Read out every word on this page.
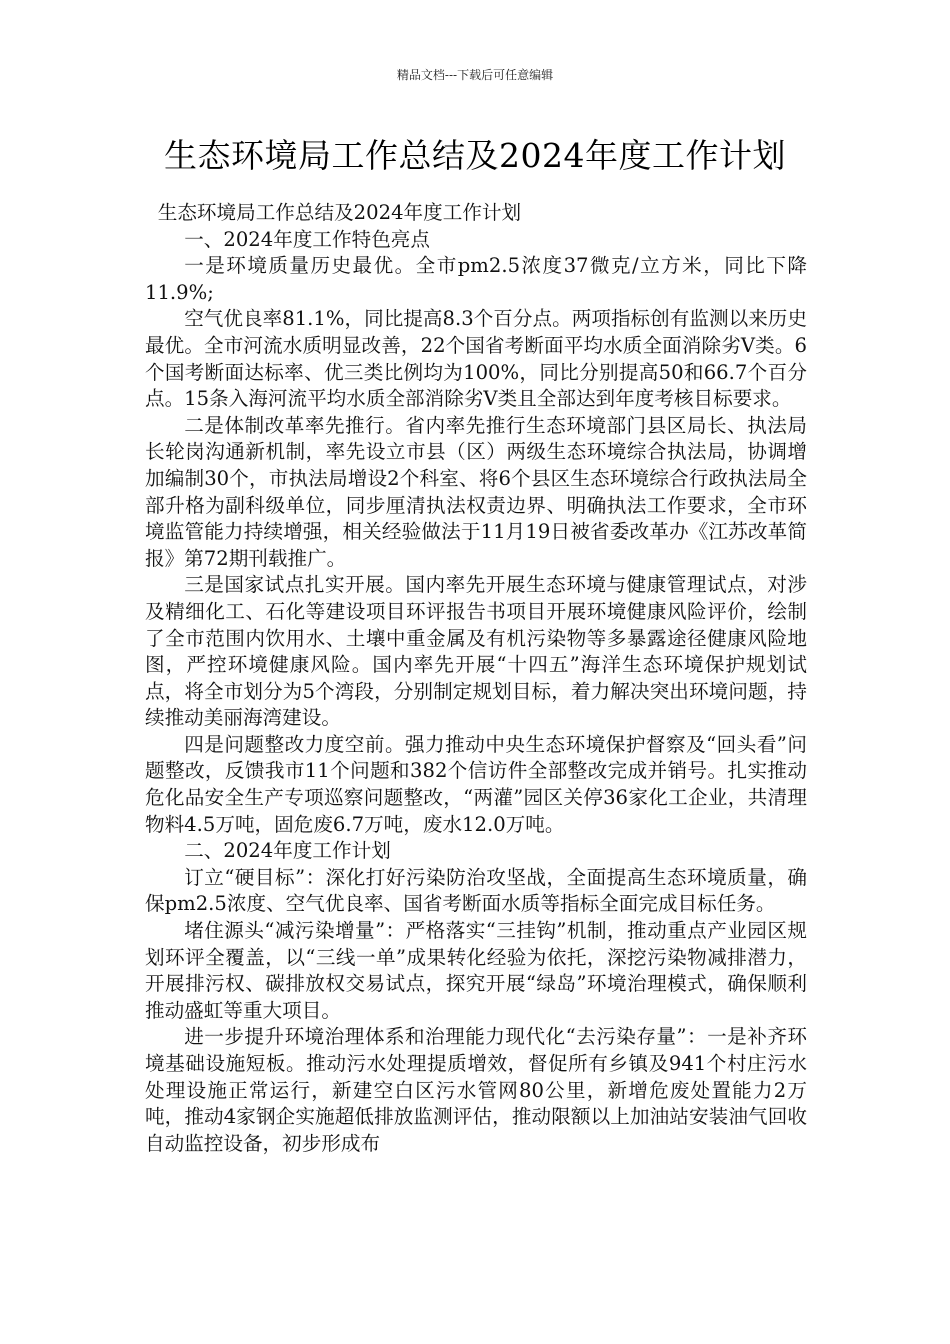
精品文档---下载后可任意编辑
生态环境局工作总结及2024年度工作计划

生态环境局工作总结及2024年度工作计划

一、2024年度工作特色亮点

一是环境质量历史最优。全市pm2.5浓度37微克/立方米，同比下降11.9%;

空气优良率81.1%，同比提高8.3个百分点。两项指标创有监测以来历史最优。全市河流水质明显改善，22个国省考断面平均水质全面消除劣Ⅴ类。6个国考断面达标率、优三类比例均为100%，同比分别提高50和66.7个百分点。15条入海河流平均水质全部消除劣Ⅴ类且全部达到年度考核目标要求。

二是体制改革率先推行。省内率先推行生态环境部门县区局长、执法局长轮岗沟通新机制，率先设立市县（区）两级生态环境综合执法局，协调增加编制30个，市执法局增设2个科室、将6个县区生态环境综合行政执法局全部升格为副科级单位，同步厘清执法权责边界、明确执法工作要求，全市环境监管能力持续增强，相关经验做法于11月19日被省委改革办《江苏改革简报》第72期刊载推广。

三是国家试点扎实开展。国内率先开展生态环境与健康管理试点，对涉及精细化工、石化等建设项目环评报告书项目开展环境健康风险评价，绘制了全市范围内饮用水、土壤中重金属及有机污染物等多暴露途径健康风险地图，严控环境健康风险。国内率先开展“十四五”海洋生态环境保护规划试点，将全市划分为5个湾段，分别制定规划目标，着力解决突出环境问题，持续推动美丽海湾建设。

四是问题整改力度空前。强力推动中央生态环境保护督察及“回头看”问题整改，反馈我市11个问题和382个信访件全部整改完成并销号。扎实推动危化品安全生产专项巡察问题整改，“两灌”园区关停36家化工企业，共清理物料4.5万吨，固危废6.7万吨，废水12.0万吨。

二、2024年度工作计划

订立“硬目标”：深化打好污染防治攻坚战，全面提高生态环境质量，确保pm2.5浓度、空气优良率、国省考断面水质等指标全面完成目标任务。

堵住源头“减污染增量”：严格落实“三挂钩”机制，推动重点产业园区规划环评全覆盖，以“三线一单”成果转化经验为依托，深挖污染物减排潜力，开展排污权、碳排放权交易试点，探究开展“绿岛”环境治理模式，确保顺利推动盛虹等重大项目。

进一步提升环境治理体系和治理能力现代化“去污染存量”：一是补齐环境基础设施短板。推动污水处理提质增效，督促所有乡镇及941个村庄污水处理设施正常运行，新建空白区污水管网80公里，新增危废处置能力2万吨，推动4家钢企实施超低排放监测评估，推动限额以上加油站安装油气回收自动监控设备，初步形成布
